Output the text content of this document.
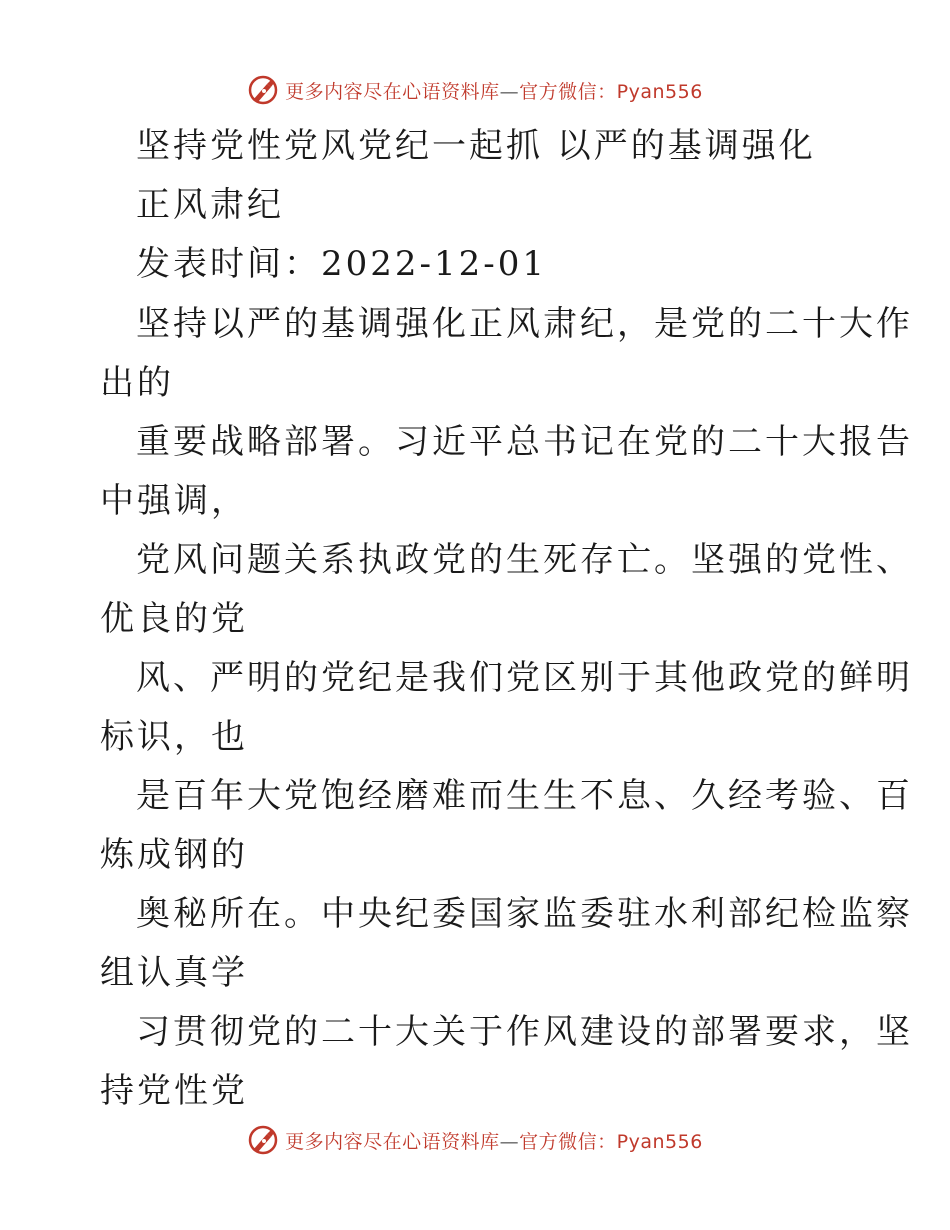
更多内容尽在心语资料库—官方微信：Pyan556
坚持党性党风党纪一起抓 以严的基调强化
正风肃纪
发表时间：2022-12-01
坚持以严的基调强化正风肃纪，是党的二十大作
出的
重要战略部署。习近平总书记在党的二十大报告
中强调，
党风问题关系执政党的生死存亡。坚强的党性、
优良的党
风、严明的党纪是我们党区别于其他政党的鲜明
标识，也
是百年大党饱经磨难而生生不息、久经考验、百
炼成钢的
奥秘所在。中央纪委国家监委驻水利部纪检监察
组认真学
习贯彻党的二十大关于作风建设的部署要求，坚
持党性党
更多内容尽在心语资料库—官方微信：Pyan556
